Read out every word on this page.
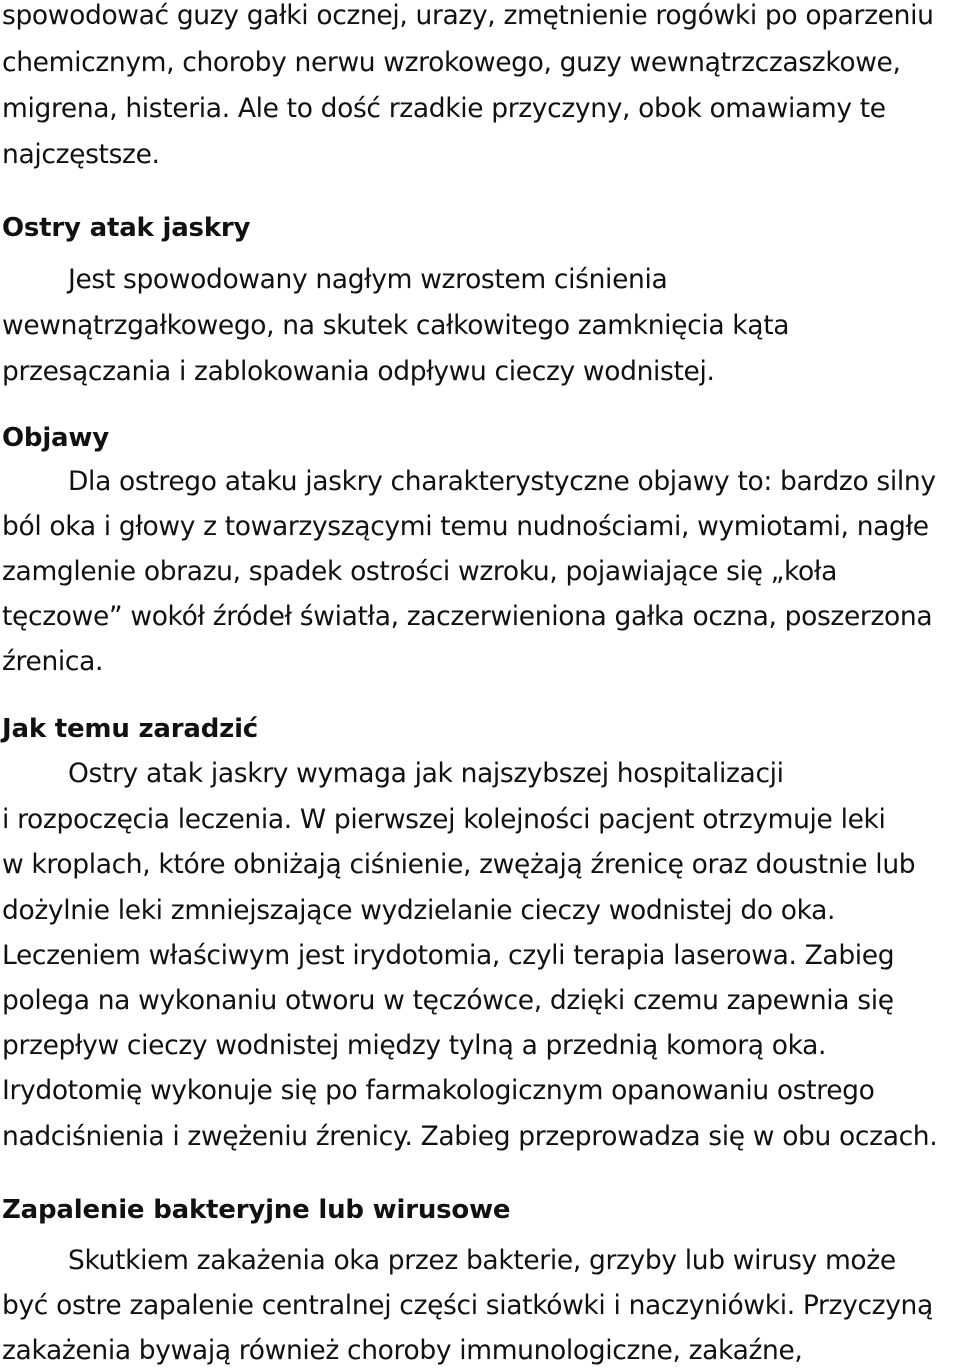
spowodować guzy gałki ocznej, urazy, zmętnienie rogówki po oparzeniu
chemicznym, choroby nerwu wzrokowego, guzy wewnątrzczaszkowe,
migrena, histeria. Ale to dość rzadkie przyczyny, obok omawiamy te
najczęstsze.
Ostry atak jaskry
Jest spowodowany nagłym wzrostem ciśnienia
wewnątrzgałkowego, na skutek całkowitego zamknięcia kąta
przesączania i zablokowania odpływu cieczy wodnistej.
Objawy
Dla ostrego ataku jaskry charakterystyczne objawy to: bardzo silny
ból oka i głowy z towarzyszącymi temu nudnościami, wymiotami, nagłe
zamglenie obrazu, spadek ostrości wzroku, pojawiające się „koła
tęczowe” wokół źródeł światła, zaczerwieniona gałka oczna, poszerzona
źrenica.
Jak temu zaradzić
Ostry atak jaskry wymaga jak najszybszej hospitalizacji
i rozpoczęcia leczenia. W pierwszej kolejności pacjent otrzymuje leki
w kroplach, które obniżają ciśnienie, zwężają źrenicę oraz doustnie lub
dożylnie leki zmniejszające wydzielanie cieczy wodnistej do oka.
Leczeniem właściwym jest irydotomia, czyli terapia laserowa. Zabieg
polega na wykonaniu otworu w tęczówce, dzięki czemu zapewnia się
przepływ cieczy wodnistej między tylną a przednią komorą oka.
Irydotomię wykonuje się po farmakologicznym opanowaniu ostrego
nadciśnienia i zwężeniu źrenicy. Zabieg przeprowadza się w obu oczach.
Zapalenie bakteryjne lub wirusowe
Skutkiem zakażenia oka przez bakterie, grzyby lub wirusy może
być ostre zapalenie centralnej części siatkówki i naczyniówki. Przyczyną
zakażenia bywają również choroby immunologiczne, zakaźne,
